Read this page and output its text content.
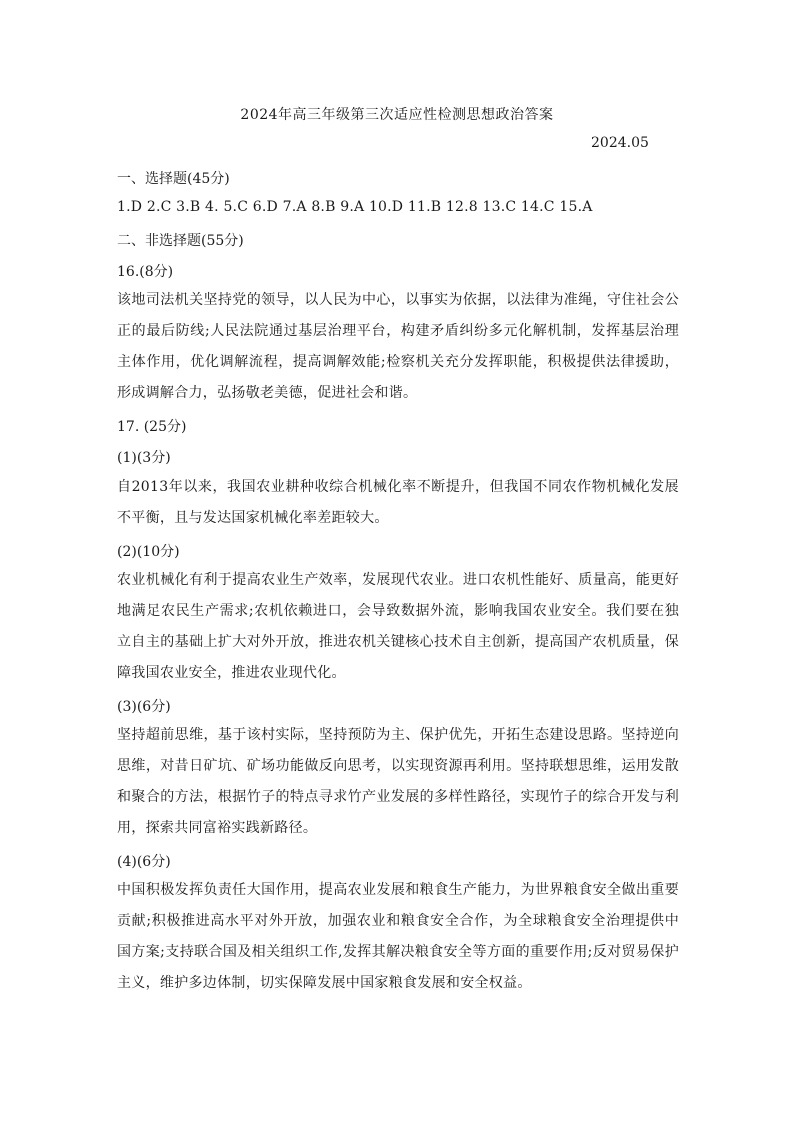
2024年高三年级第三次适应性检测思想政治答案
2024.05
一、选择题(45分)
1.D 2.C 3.B 4. 5.C 6.D 7.A 8.B 9.A 10.D 11.B 12.8 13.C 14.C 15.A
二、非选择题(55分)
16.(8分)
该地司法机关坚持党的领导，以人民为中心，以事实为依据，以法律为准绳，守住社会公正的最后防线;人民法院通过基层治理平台，构建矛盾纠纷多元化解机制，发挥基层治理主体作用，优化调解流程，提高调解效能;检察机关充分发挥职能，积极提供法律援助，形成调解合力，弘扬敬老美德，促进社会和谐。
17. (25分)
(1)(3分)
自2013年以来，我国农业耕种收综合机械化率不断提升，但我国不同农作物机械化发展不平衡，且与发达国家机械化率差距较大。
(2)(10分)
农业机械化有利于提高农业生产效率，发展现代农业。进口农机性能好、质量高，能更好地满足农民生产需求;农机依赖进口，会导致数据外流，影响我国农业安全。我们要在独立自主的基础上扩大对外开放，推进农机关键核心技术自主创新，提高国产农机质量，保障我国农业安全，推进农业现代化。
(3)(6分)
坚持超前思维，基于该村实际，坚持预防为主、保护优先，开拓生态建设思路。坚持逆向思维，对昔日矿坑、矿场功能做反向思考，以实现资源再利用。坚持联想思维，运用发散和聚合的方法，根据竹子的特点寻求竹产业发展的多样性路径，实现竹子的综合开发与利用，探索共同富裕实践新路径。
(4)(6分)
中国积极发挥负责任大国作用，提高农业发展和粮食生产能力，为世界粮食安全做出重要贡献;积极推进高水平对外开放，加强农业和粮食安全合作，为全球粮食安全治理提供中国方案;支持联合国及相关组织工作,发挥其解决粮食安全等方面的重要作用;反对贸易保护主义，维护多边体制，切实保障发展中国家粮食发展和安全权益。
